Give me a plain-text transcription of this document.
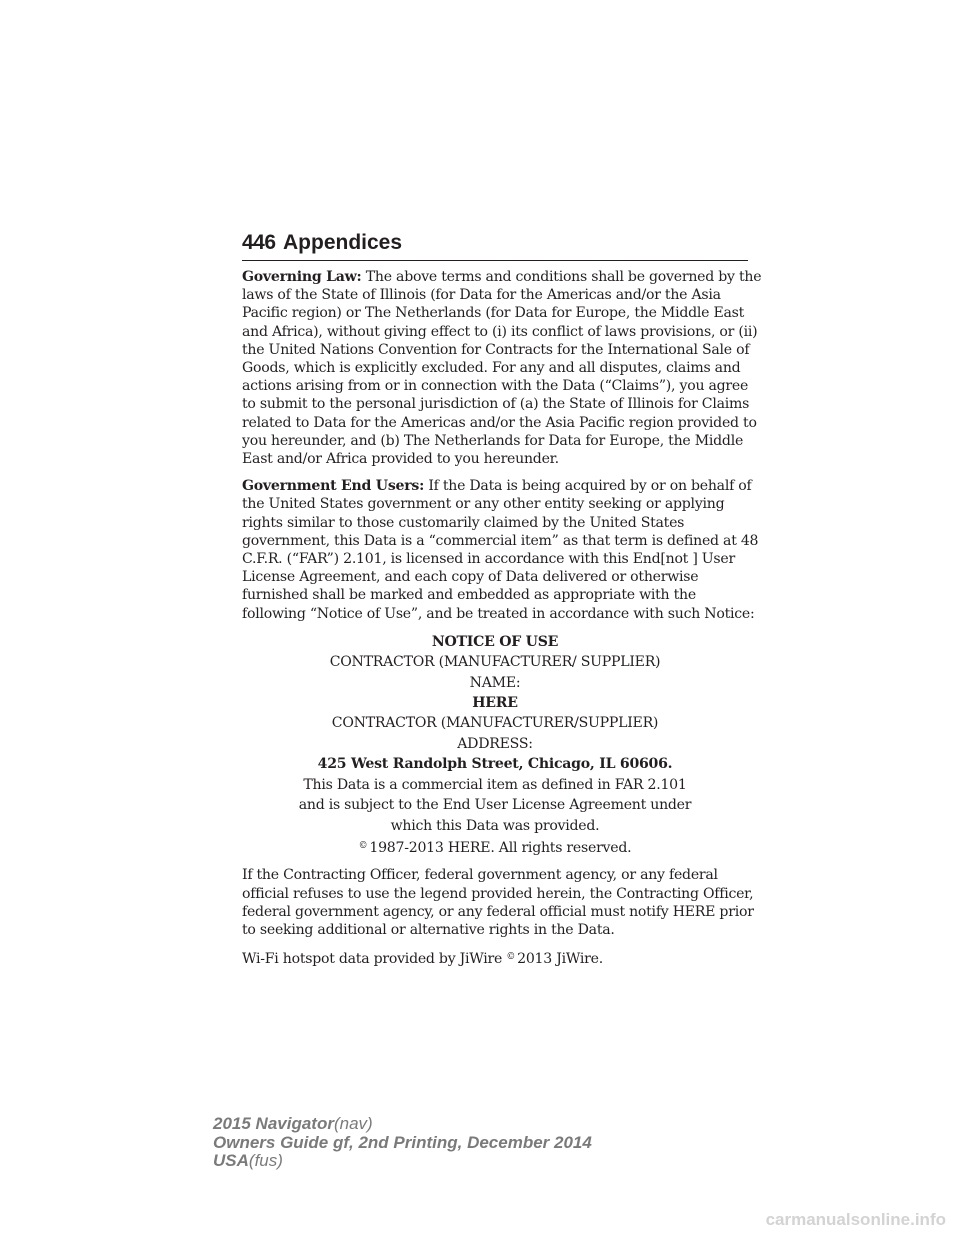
446 Appendices

Governing Law: The above terms and conditions shall be governed by the laws of the State of Illinois (for Data for the Americas and/or the Asia Pacific region) or The Netherlands (for Data for Europe, the Middle East and Africa), without giving effect to (i) its conflict of laws provisions, or (ii) the United Nations Convention for Contracts for the International Sale of Goods, which is explicitly excluded. For any and all disputes, claims and actions arising from or in connection with the Data (“Claims”), you agree to submit to the personal jurisdiction of (a) the State of Illinois for Claims related to Data for the Americas and/or the Asia Pacific region provided to you hereunder, and (b) The Netherlands for Data for Europe, the Middle East and/or Africa provided to you hereunder.

Government End Users: If the Data is being acquired by or on behalf of the United States government or any other entity seeking or applying rights similar to those customarily claimed by the United States government, this Data is a “commercial item” as that term is defined at 48 C.F.R. (“FAR”) 2.101, is licensed in accordance with this End[not ] User License Agreement, and each copy of Data delivered or otherwise furnished shall be marked and embedded as appropriate with the following “Notice of Use”, and be treated in accordance with such Notice:

NOTICE OF USE
CONTRACTOR (MANUFACTURER/ SUPPLIER)
NAME:
HERE
CONTRACTOR (MANUFACTURER/SUPPLIER)
ADDRESS:
425 West Randolph Street, Chicago, IL 60606.
This Data is a commercial item as defined in FAR 2.101
and is subject to the End User License Agreement under
which this Data was provided.
© 1987-2013 HERE. All rights reserved.

If the Contracting Officer, federal government agency, or any federal official refuses to use the legend provided herein, the Contracting Officer, federal government agency, or any federal official must notify HERE prior to seeking additional or alternative rights in the Data.

Wi-Fi hotspot data provided by JiWire © 2013 JiWire.

2015 Navigator(nav)
Owners Guide gf, 2nd Printing, December 2014
USA(fus)
carmanualsonline.info
